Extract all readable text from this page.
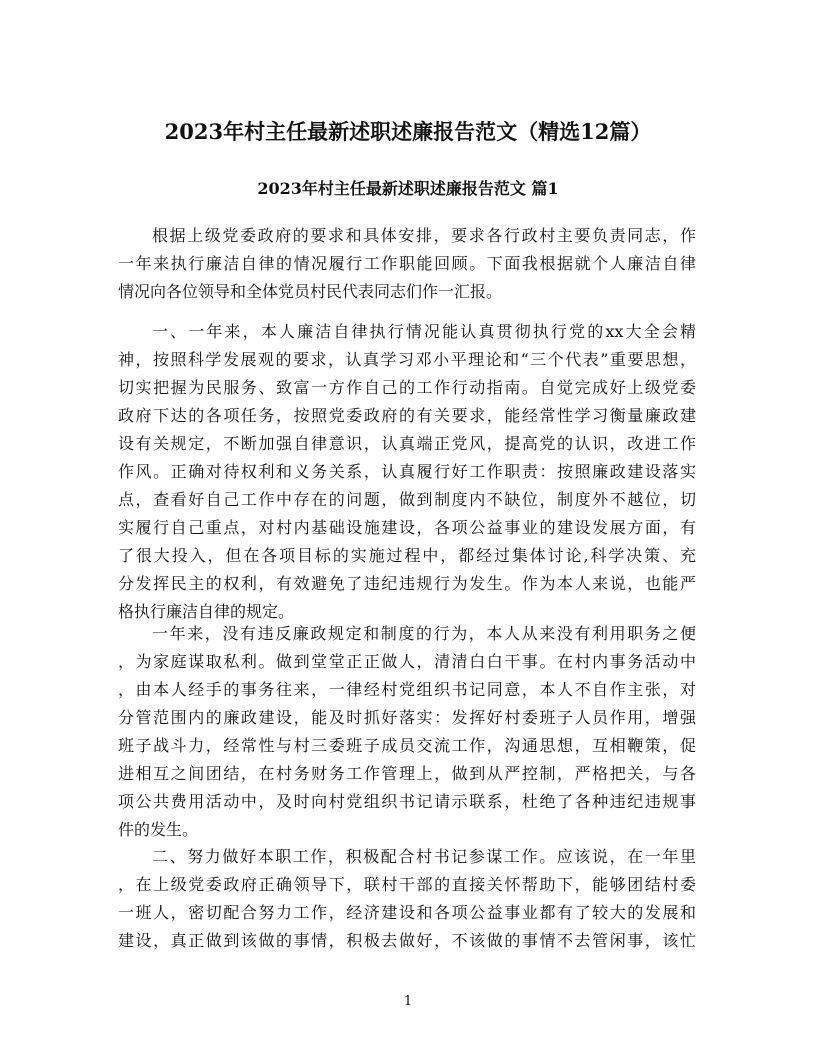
2023年村主任最新述职述廉报告范文（精选12篇）
2023年村主任最新述职述廉报告范文 篇1
根据上级党委政府的要求和具体安排，要求各行政村主要负责同志，作
一年来执行廉洁自律的情况履行工作职能回顾。下面我根据就个人廉洁自律
情况向各位领导和全体党员村民代表同志们作一汇报。
一、一年来，本人廉洁自律执行情况能认真贯彻执行党的xx大全会精
神，按照科学发展观的要求，认真学习邓小平理论和“三个代表”重要思想，
切实把握为民服务、致富一方作自己的工作行动指南。自觉完成好上级党委
政府下达的各项任务，按照党委政府的有关要求，能经常性学习衡量廉政建
设有关规定，不断加强自律意识，认真端正党风，提高党的认识，改进工作
作风。正确对待权利和义务关系，认真履行好工作职责：按照廉政建设落实
点，查看好自己工作中存在的问题，做到制度内不缺位，制度外不越位，切
实履行自己重点，对村内基础设施建设，各项公益事业的建设发展方面，有
了很大投入，但在各项目标的实施过程中，都经过集体讨论,科学决策、充
分发挥民主的权利，有效避免了违纪违规行为发生。作为本人来说，也能严
格执行廉洁自律的规定。
一年来，没有违反廉政规定和制度的行为，本人从来没有利用职务之便
，为家庭谋取私利。做到堂堂正正做人，清清白白干事。在村内事务活动中
，由本人经手的事务往来，一律经村党组织书记同意，本人不自作主张，对
分管范围内的廉政建设，能及时抓好落实：发挥好村委班子人员作用，增强
班子战斗力，经常性与村三委班子成员交流工作，沟通思想，互相鞭策，促
进相互之间团结，在村务财务工作管理上，做到从严控制，严格把关，与各
项公共费用活动中，及时向村党组织书记请示联系，杜绝了各种违纪违规事
件的发生。
二、努力做好本职工作，积极配合村书记参谋工作。应该说，在一年里
，在上级党委政府正确领导下，联村干部的直接关怀帮助下，能够团结村委
一班人，密切配合努力工作，经济建设和各项公益事业都有了较大的发展和
建设，真正做到该做的事情，积极去做好，不该做的事情不去管闲事，该忙
1
